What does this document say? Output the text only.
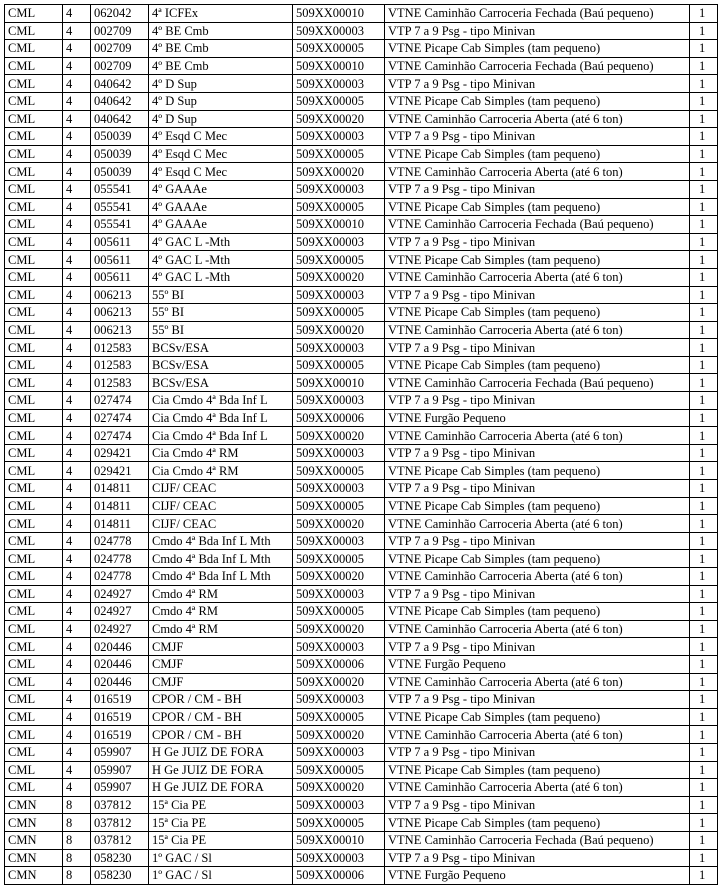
CML	4	062042	4ª ICFEx	509XX00010	VTNE Caminhão Carroceria Fechada (Baú pequeno)	1
CML	4	002709	4º BE Cmb	509XX00003	VTP 7 a 9 Psg - tipo Minivan	1
CML	4	002709	4º BE Cmb	509XX00005	VTNE Picape Cab Simples (tam pequeno)	1
CML	4	002709	4º BE Cmb	509XX00010	VTNE Caminhão Carroceria Fechada (Baú pequeno)	1
CML	4	040642	4º D Sup	509XX00003	VTP 7 a 9 Psg - tipo Minivan	1
CML	4	040642	4º D Sup	509XX00005	VTNE Picape Cab Simples (tam pequeno)	1
CML	4	040642	4º D Sup	509XX00020	VTNE Caminhão Carroceria Aberta (até 6 ton)	1
CML	4	050039	4º Esqd C Mec	509XX00003	VTP 7 a 9 Psg - tipo Minivan	1
CML	4	050039	4º Esqd C Mec	509XX00005	VTNE Picape Cab Simples (tam pequeno)	1
CML	4	050039	4º Esqd C Mec	509XX00020	VTNE Caminhão Carroceria Aberta (até 6 ton)	1
CML	4	055541	4º GAAAe	509XX00003	VTP 7 a 9 Psg - tipo Minivan	1
CML	4	055541	4º GAAAe	509XX00005	VTNE Picape Cab Simples (tam pequeno)	1
CML	4	055541	4º GAAAe	509XX00010	VTNE Caminhão Carroceria Fechada (Baú pequeno)	1
CML	4	005611	4º GAC L -Mth	509XX00003	VTP 7 a 9 Psg - tipo Minivan	1
CML	4	005611	4º GAC L -Mth	509XX00005	VTNE Picape Cab Simples (tam pequeno)	1
CML	4	005611	4º GAC L -Mth	509XX00020	VTNE Caminhão Carroceria Aberta (até 6 ton)	1
CML	4	006213	55º BI	509XX00003	VTP 7 a 9 Psg - tipo Minivan	1
CML	4	006213	55º BI	509XX00005	VTNE Picape Cab Simples (tam pequeno)	1
CML	4	006213	55º BI	509XX00020	VTNE Caminhão Carroceria Aberta (até 6 ton)	1
CML	4	012583	BCSv/ESA	509XX00003	VTP 7 a 9 Psg - tipo Minivan	1
CML	4	012583	BCSv/ESA	509XX00005	VTNE Picape Cab Simples (tam pequeno)	1
CML	4	012583	BCSv/ESA	509XX00010	VTNE Caminhão Carroceria Fechada (Baú pequeno)	1
CML	4	027474	Cia Cmdo 4ª Bda Inf L	509XX00003	VTP 7 a 9 Psg - tipo Minivan	1
CML	4	027474	Cia Cmdo 4ª Bda Inf L	509XX00006	VTNE Furgão Pequeno	1
CML	4	027474	Cia Cmdo 4ª Bda Inf L	509XX00020	VTNE Caminhão Carroceria Aberta (até 6 ton)	1
CML	4	029421	Cia Cmdo 4ª RM	509XX00003	VTP 7 a 9 Psg - tipo Minivan	1
CML	4	029421	Cia Cmdo 4ª RM	509XX00005	VTNE Picape Cab Simples (tam pequeno)	1
CML	4	014811	CIJF/ CEAC	509XX00003	VTP 7 a 9 Psg - tipo Minivan	1
CML	4	014811	CIJF/ CEAC	509XX00005	VTNE Picape Cab Simples (tam pequeno)	1
CML	4	014811	CIJF/ CEAC	509XX00020	VTNE Caminhão Carroceria Aberta (até 6 ton)	1
CML	4	024778	Cmdo 4ª Bda Inf L Mth	509XX00003	VTP 7 a 9 Psg - tipo Minivan	1
CML	4	024778	Cmdo 4ª Bda Inf L Mth	509XX00005	VTNE Picape Cab Simples (tam pequeno)	1
CML	4	024778	Cmdo 4ª Bda Inf L Mth	509XX00020	VTNE Caminhão Carroceria Aberta (até 6 ton)	1
CML	4	024927	Cmdo 4ª RM	509XX00003	VTP 7 a 9 Psg - tipo Minivan	1
CML	4	024927	Cmdo 4ª RM	509XX00005	VTNE Picape Cab Simples (tam pequeno)	1
CML	4	024927	Cmdo 4ª RM	509XX00020	VTNE Caminhão Carroceria Aberta (até 6 ton)	1
CML	4	020446	CMJF	509XX00003	VTP 7 a 9 Psg - tipo Minivan	1
CML	4	020446	CMJF	509XX00006	VTNE Furgão Pequeno	1
CML	4	020446	CMJF	509XX00020	VTNE Caminhão Carroceria Aberta (até 6 ton)	1
CML	4	016519	CPOR / CM - BH	509XX00003	VTP 7 a 9 Psg - tipo Minivan	1
CML	4	016519	CPOR / CM - BH	509XX00005	VTNE Picape Cab Simples (tam pequeno)	1
CML	4	016519	CPOR / CM - BH	509XX00020	VTNE Caminhão Carroceria Aberta (até 6 ton)	1
CML	4	059907	H Ge JUIZ DE FORA	509XX00003	VTP 7 a 9 Psg - tipo Minivan	1
CML	4	059907	H Ge JUIZ DE FORA	509XX00005	VTNE Picape Cab Simples (tam pequeno)	1
CML	4	059907	H Ge JUIZ DE FORA	509XX00020	VTNE Caminhão Carroceria Aberta (até 6 ton)	1
CMN	8	037812	15ª Cia PE	509XX00003	VTP 7 a 9 Psg - tipo Minivan	1
CMN	8	037812	15ª Cia PE	509XX00005	VTNE Picape Cab Simples (tam pequeno)	1
CMN	8	037812	15ª Cia PE	509XX00010	VTNE Caminhão Carroceria Fechada (Baú pequeno)	1
CMN	8	058230	1º GAC / Sl	509XX00003	VTP 7 a 9 Psg - tipo Minivan	1
CMN	8	058230	1º GAC / Sl	509XX00006	VTNE Furgão Pequeno	1
